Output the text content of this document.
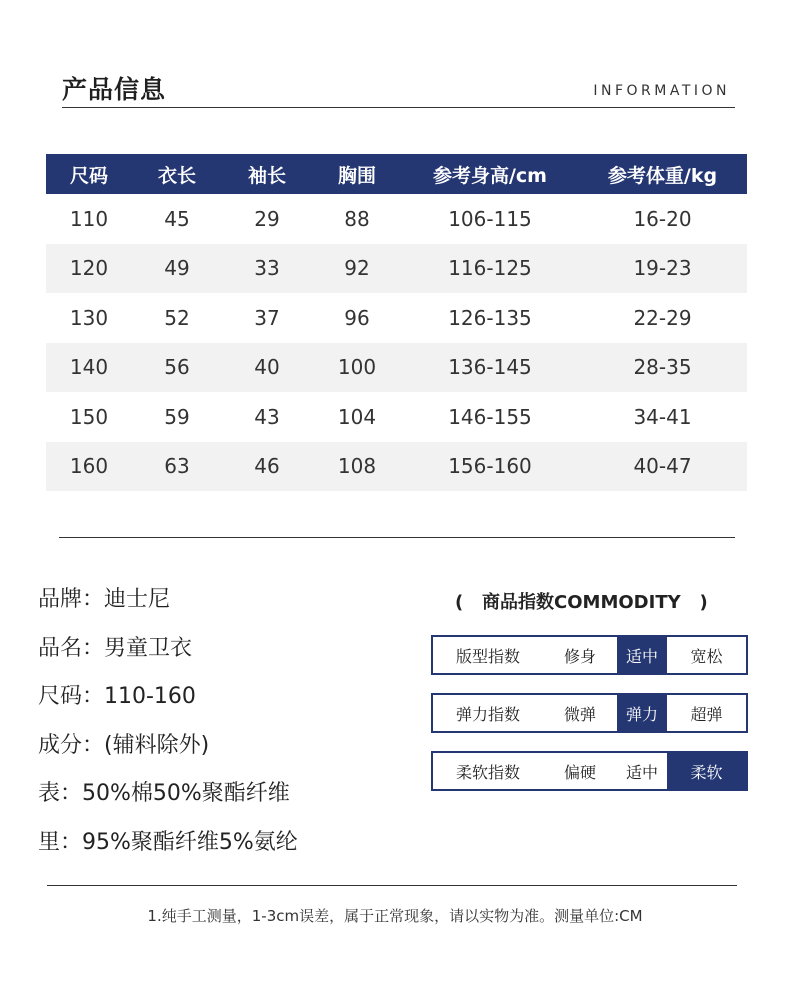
产品信息	INFORMATION
尺码	衣长	袖长	胸围	参考身高/cm	参考体重/kg
110	45	29	88	106-115	16-20
120	49	33	92	116-125	19-23
130	52	37	96	126-135	22-29
140	56	40	100	136-145	28-35
150	59	43	104	146-155	34-41
160	63	46	108	156-160	40-47
品牌：迪士尼
品名：男童卫衣
尺码：110-160
成分：(辅料除外)
表：50%棉50%聚酯纤维
里：95%聚酯纤维5%氨纶
( 商品指数COMMODITY )
版型指数	修身	适中	宽松
弹力指数	微弹	弹力	超弹
柔软指数	偏硬	适中	柔软
1.纯手工测量，1-3cm误差，属于正常现象，请以实物为准。测量单位:CM
